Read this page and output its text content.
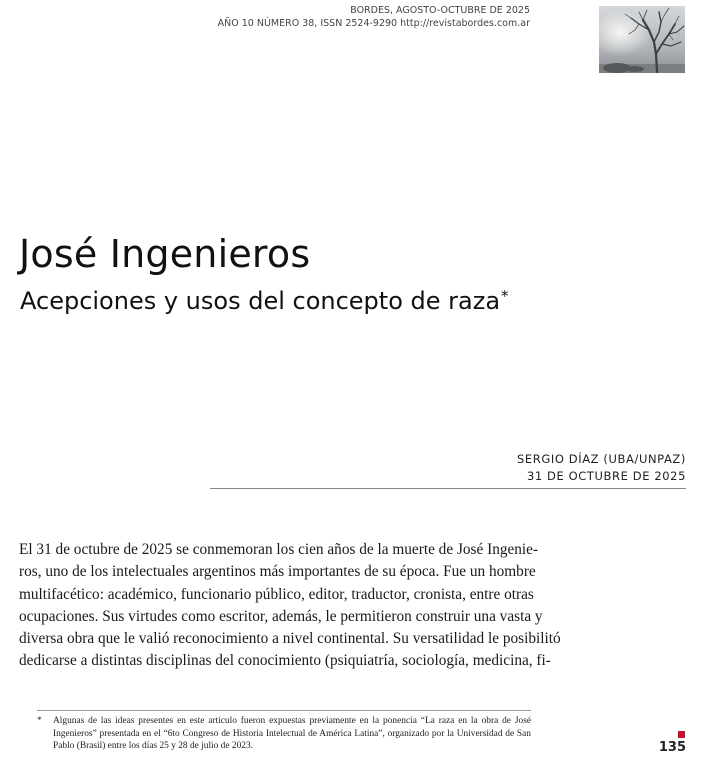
BORDES, AGOSTO-OCTUBRE DE 2025
AÑO 10 NÚMERO 38, ISSN 2524-9290 http://revistabordes.com.ar
José Ingenieros
Acepciones y usos del concepto de raza*
SERGIO DÍAZ (UBA/UNPAZ)
31 DE OCTUBRE DE 2025
El 31 de octubre de 2025 se conmemoran los cien años de la muerte de José Ingenie-
ros, uno de los intelectuales argentinos más importantes de su época. Fue un hombre
multifacético: académico, funcionario público, editor, traductor, cronista, entre otras
ocupaciones. Sus virtudes como escritor, además, le permitieron construir una vasta y
diversa obra que le valió reconocimiento a nivel continental. Su versatilidad le posibilitó
dedicarse a distintas disciplinas del conocimiento (psiquiatría, sociología, medicina, fi-
* Algunas de las ideas presentes en este artículo fueron expuestas previamente en la ponencia “La raza en la obra de José Ingenieros” presentada en el “6to Congreso de Historia Intelectual de América Latina”, organizado por la Universidad de San Pablo (Brasil) entre los días 25 y 28 de julio de 2023.	135
